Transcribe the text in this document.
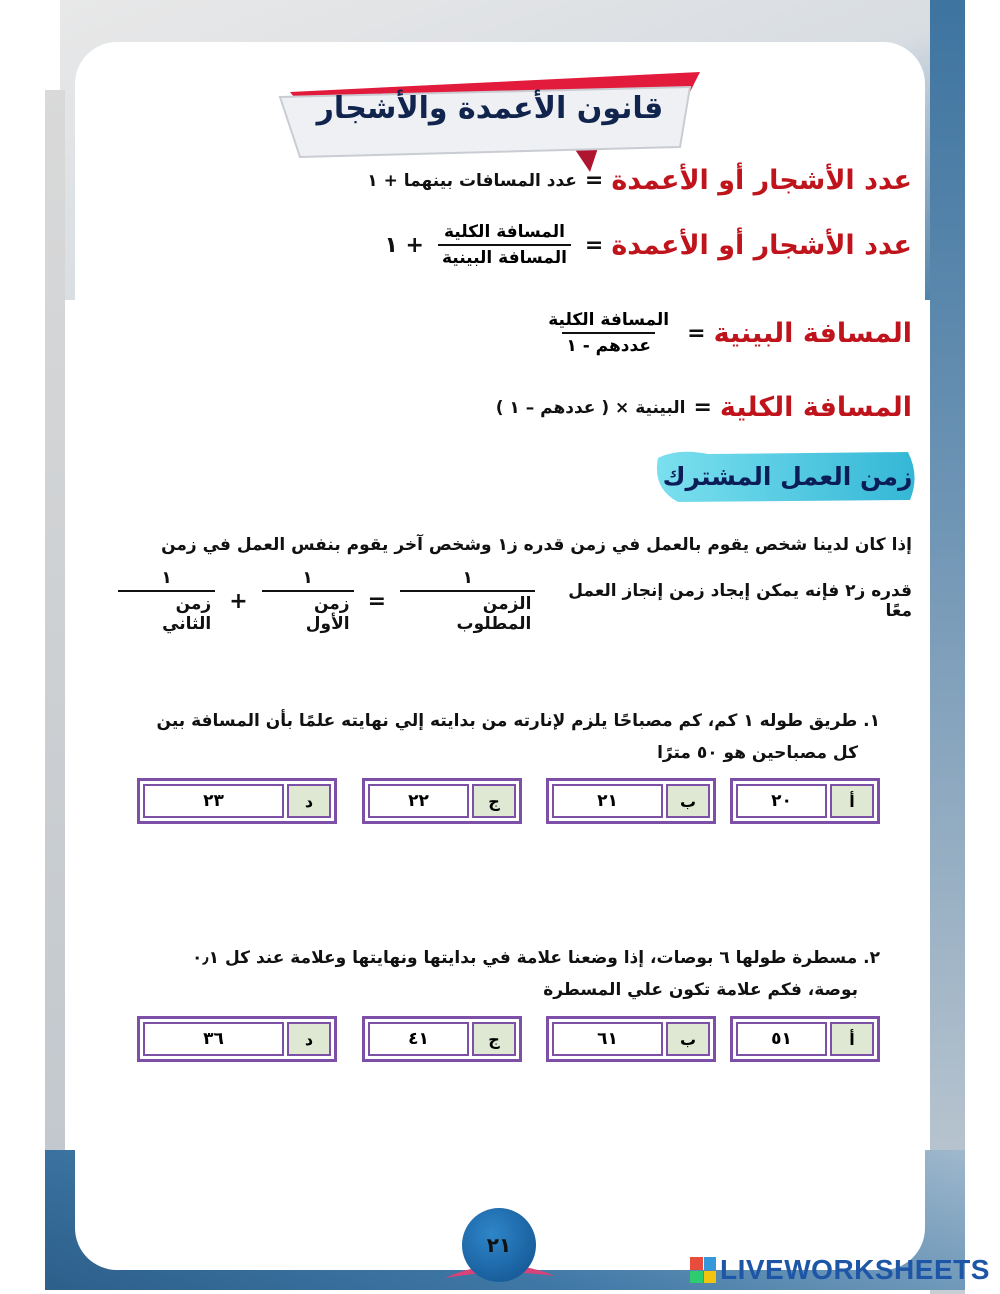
قانون الأعمدة والأشجار
عدد الأشجار أو الأعمدة
=
عدد المسافات بينهما + ١
عدد الأشجار أو الأعمدة
=
$\frac{\text{المسافة الكلية}}{\text{المسافة البينية}}$
+ ١
المسافة البينية
=
$\frac{\text{المسافة الكلية}}{\text{عددهم - ١}}$
المسافة الكلية
=
البينية × ( عددهم – ١ )
زمن العمل المشترك
إذا كان لدينا شخص يقوم بالعمل في زمن قدره ز١ وشخص آخر يقوم بنفس العمل في زمن
قدره ز٢ فإنه يمكن إيجاد زمن إنجاز العمل معًا
$\frac{١}{\text{الزمن المطلوب}}$
=
$\frac{١}{\text{زمن الأول}}$
+
$\frac{١}{\text{زمن الثاني}}$
١. طريق طوله ١ كم، كم مصباحًا يلزم لإنارته من بدايته إلي نهايته علمًا بأن المسافة بين
كل مصباحين هو ٥٠ مترًا
أ
٢٠
ب
٢١
ج
٢٢
د
٢٣
٢. مسطرة طولها ٦ بوصات، إذا وضعنا علامة في بدايتها ونهايتها وعلامة عند كل ٠٫١
بوصة، فكم علامة تكون علي المسطرة
أ
٥١
ب
٦١
ج
٤١
د
٣٦
٢١
LIVEWORKSHEETS
